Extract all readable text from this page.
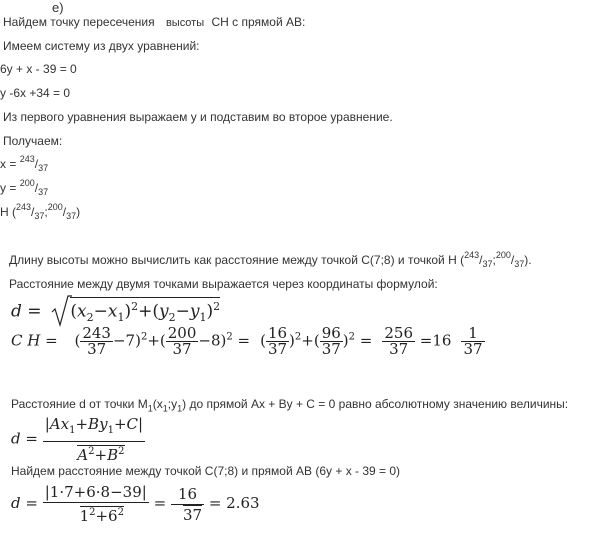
e)
Найдем точку пересечения высоты CH с прямой AB:
Имеем систему из двух уравнений:
6y + x - 39 = 0
y -6x +34 = 0
Из первого уравнения выражаем y и подставим во второе уравнение.
Получаем:
$x = ^{243}/_{37}$
$y = ^{200}/_{37}$
H $(^{243}/_{37};^{200}/_{37})$
Длину высоты можно вычислить как расстояние между точкой C(7;8) и точкой H $(^{243}/_{37};^{200}/_{37})$.
Расстояние между двумя точками выражается через координаты формулой:
$d = (x_2-x_1)^2+(y_2-y_1)^2$
C H = ( $\frac{243}{37} -7)^2+( \frac{200}{37} -8)^2$ = ( $\frac{16}{37} )^2+( \frac{96}{37} )^2 = \frac{256}{37} =16 \frac{1}{37}$
Расстояние d от точки $M_1(x_1;y_1)$ до прямой Ax + By + C = 0 равно абсолютному значению величины:
$d = \frac{|Ax_1+By_1+C|}{A^2+B^2}$
Найдем расстояние между точкой C(7;8) и прямой AB (6y + x - 39 = 0)
$d = \frac{|1\cdot 7+6\cdot 8-39|}{1^2+6^2} = \frac{16}{37} = 2.63$
